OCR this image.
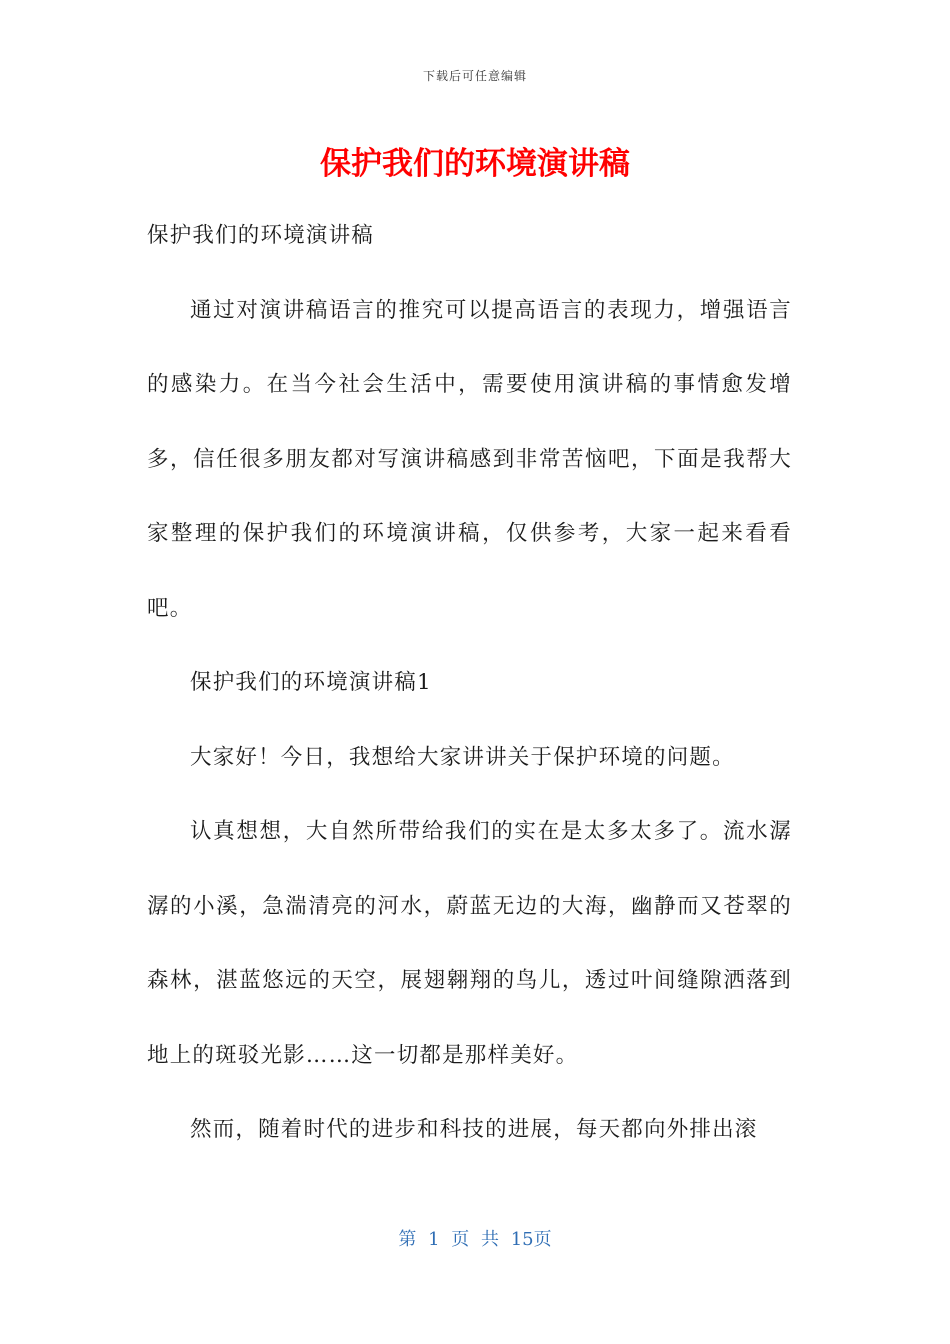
下载后可任意编辑
保护我们的环境演讲稿

保护我们的环境演讲稿

通过对演讲稿语言的推究可以提高语言的表现力，增强语言的感染力。在当今社会生活中，需要使用演讲稿的事情愈发增多，信任很多朋友都对写演讲稿感到非常苦恼吧，下面是我帮大家整理的保护我们的环境演讲稿，仅供参考，大家一起来看看吧。

保护我们的环境演讲稿1

大家好！今日，我想给大家讲讲关于保护环境的问题。

认真想想，大自然所带给我们的实在是太多太多了。流水潺潺的小溪，急湍清亮的河水，蔚蓝无边的大海，幽静而又苍翠的森林，湛蓝悠远的天空，展翅翱翔的鸟儿，透过叶间缝隙洒落到地上的斑驳光影……这一切都是那样美好。

然而，随着时代的进步和科技的进展，每天都向外排出滚

第 1 页 共 15页
